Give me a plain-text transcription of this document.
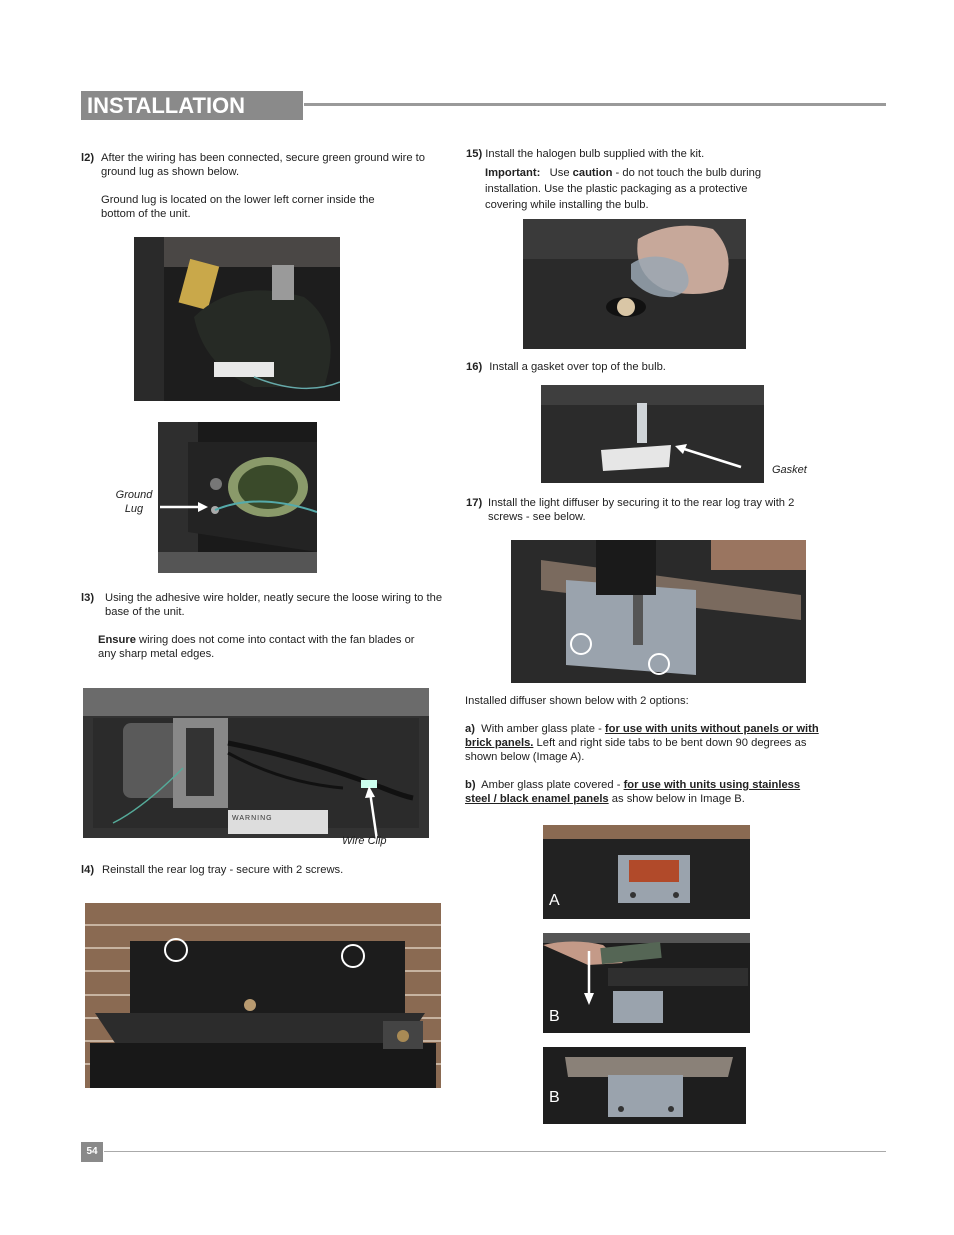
INSTALLATION
l2) After the wiring has been connected, secure green ground wire to ground lug as shown below.
Ground lug is located on the lower left corner inside the bottom of the unit.
Ground
Lug
l3) Using the adhesive wire holder, neatly secure the loose wiring to the base of the unit.
Ensure wiring does not come into contact with the fan blades or any sharp metal edges.
WARNING
Wire Clip
l4) Reinstall the rear log tray - secure with 2 screws.
15) Install the halogen bulb supplied with the kit.
Important: Use caution - do not touch the bulb during installation. Use the plastic packaging as a protective covering while installing the bulb.
16) Install a gasket over top of the bulb.
Gasket
17) Install the light diffuser by securing it to the rear log tray with 2 screws - see below.
Installed diffuser shown below with 2 options:
a) With amber glass plate - for use with units without panels or with brick panels. Left and right side tabs to be bent down 90 degrees as shown below (Image A).
b) Amber glass plate covered - for use with units using stainless steel / black enamel panels as show below in Image B.
A
B
B
54
